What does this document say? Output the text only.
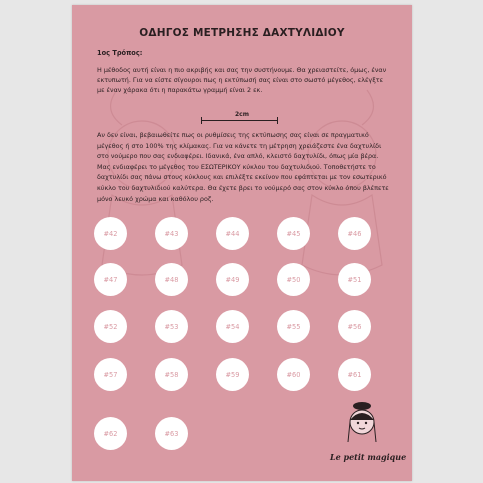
ΟΔΗΓΟΣ ΜΕΤΡΗΣΗΣ ΔΑΧΤΥΛΙΔΙΟΥ
1ος Τρόπος:
Η μέθοδος αυτή είναι η πιο ακριβής και σας την συστήνουμε. Θα χρειαστείτε, όμως, έναν εκτυπωτή. Για να είστε σίγουροι πως η εκτύπωσή σας είναι στο σωστό μέγεθος, ελέγξτε με έναν χάρακα ότι η παρακάτω γραμμή είναι 2 εκ.
2cm
Αν δεν είναι, βεβαιωθείτε πως οι ρυθμίσεις της εκτύπωσης σας είναι σε πραγματικό μέγεθος ή στο 100% της κλίμακας. Για να κάνετε τη μέτρηση χρειάζεστε ένα δαχτυλίδι στο νούμερο που σας ενδιαφέρει. Ιδανικά, ένα απλό, κλειστό δαχτυλίδι, όπως μία βέρα. Μας ενδιαφέρει το μέγεθος του ΕΣΩΤΕΡΙΚΟΥ κύκλου του δαχτυλιδιού. Τοποθετήστε το δαχτυλίδι σας πάνω στους κύκλους και επιλέξτε εκείνον που εφάπτεται με τον εσωτερικό κύκλο του δαχτυλιδιού καλύτερα. Θα έχετε βρει το νούμερό σας στον κύκλο όπου βλέπετε μόνο λευκό χρώμα και καθόλου ροζ.
#42	#43	#44	#45	#46
#47	#48	#49	#50	#51
#52	#53	#54	#55	#56
#57	#58	#59	#60	#61
#62	#63
Le petit magique
